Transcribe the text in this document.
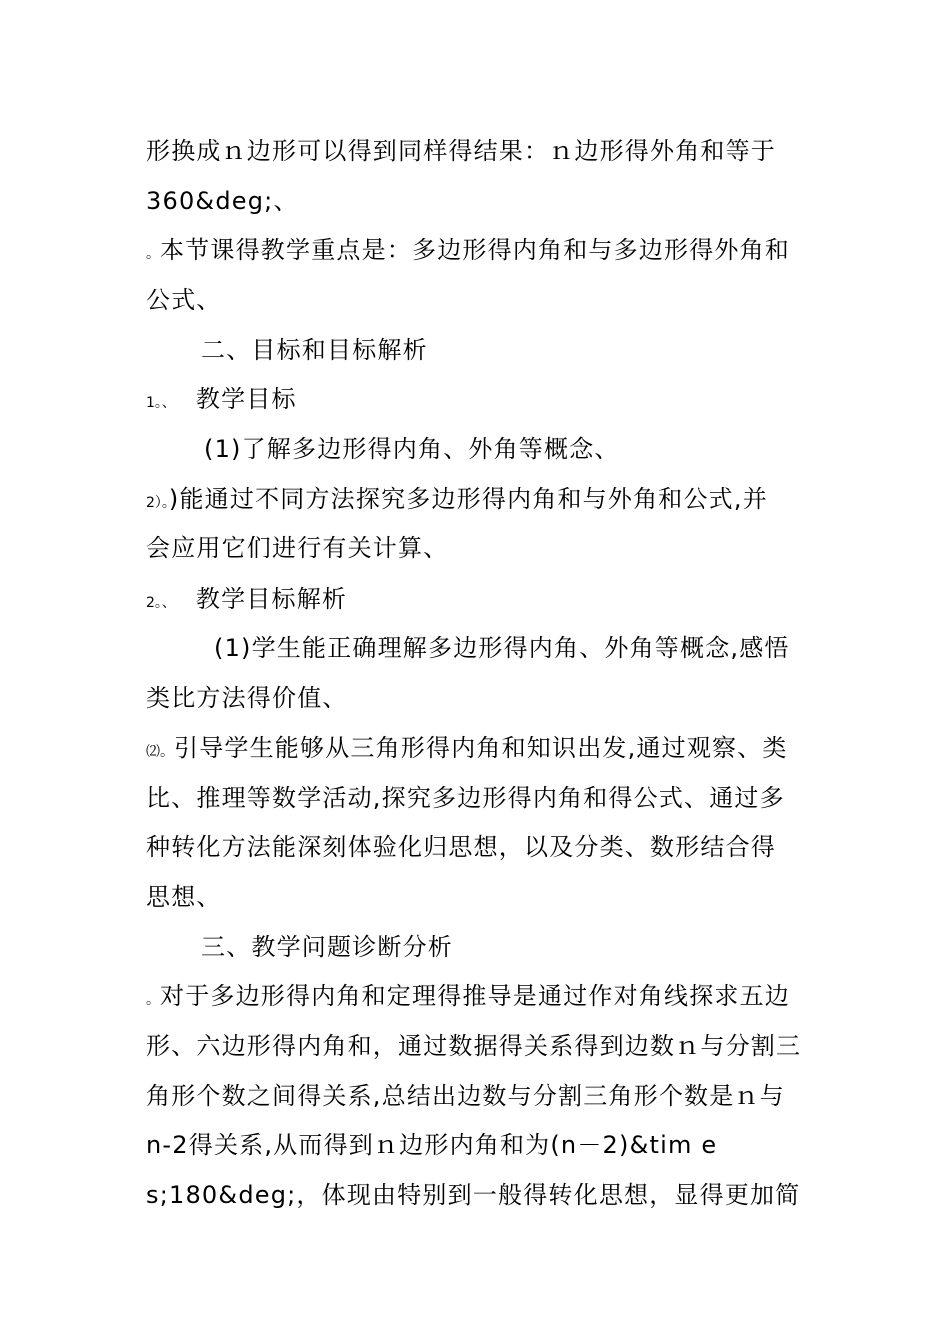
形换成ｎ边形可以得到同样得结果：ｎ边形得外角和等于
360&deg;、
。本节课得教学重点是：多边形得内角和与多边形得外角和
公式、
二、目标和目标解析
1。、 教学目标
(1)了解多边形得内角、外角等概念、
2）。)能通过不同方法探究多边形得内角和与外角和公式,并
会应用它们进行有关计算、
2。、 教学目标解析
(1)学生能正确理解多边形得内角、外角等概念,感悟
类比方法得价值、
⑵。引导学生能够从三角形得内角和知识出发,通过观察、类
比、推理等数学活动,探究多边形得内角和得公式、通过多
种转化方法能深刻体验化归思想，以及分类、数形结合得
思想、
三、教学问题诊断分析
。对于多边形得内角和定理得推导是通过作对角线探求五边
形、六边形得内角和，通过数据得关系得到边数ｎ与分割三
角形个数之间得关系,总结出边数与分割三角形个数是ｎ与
n-2得关系,从而得到ｎ边形内角和为(n－2)&tim e
s;180&deg;，体现由特别到一般得转化思想，显得更加简
